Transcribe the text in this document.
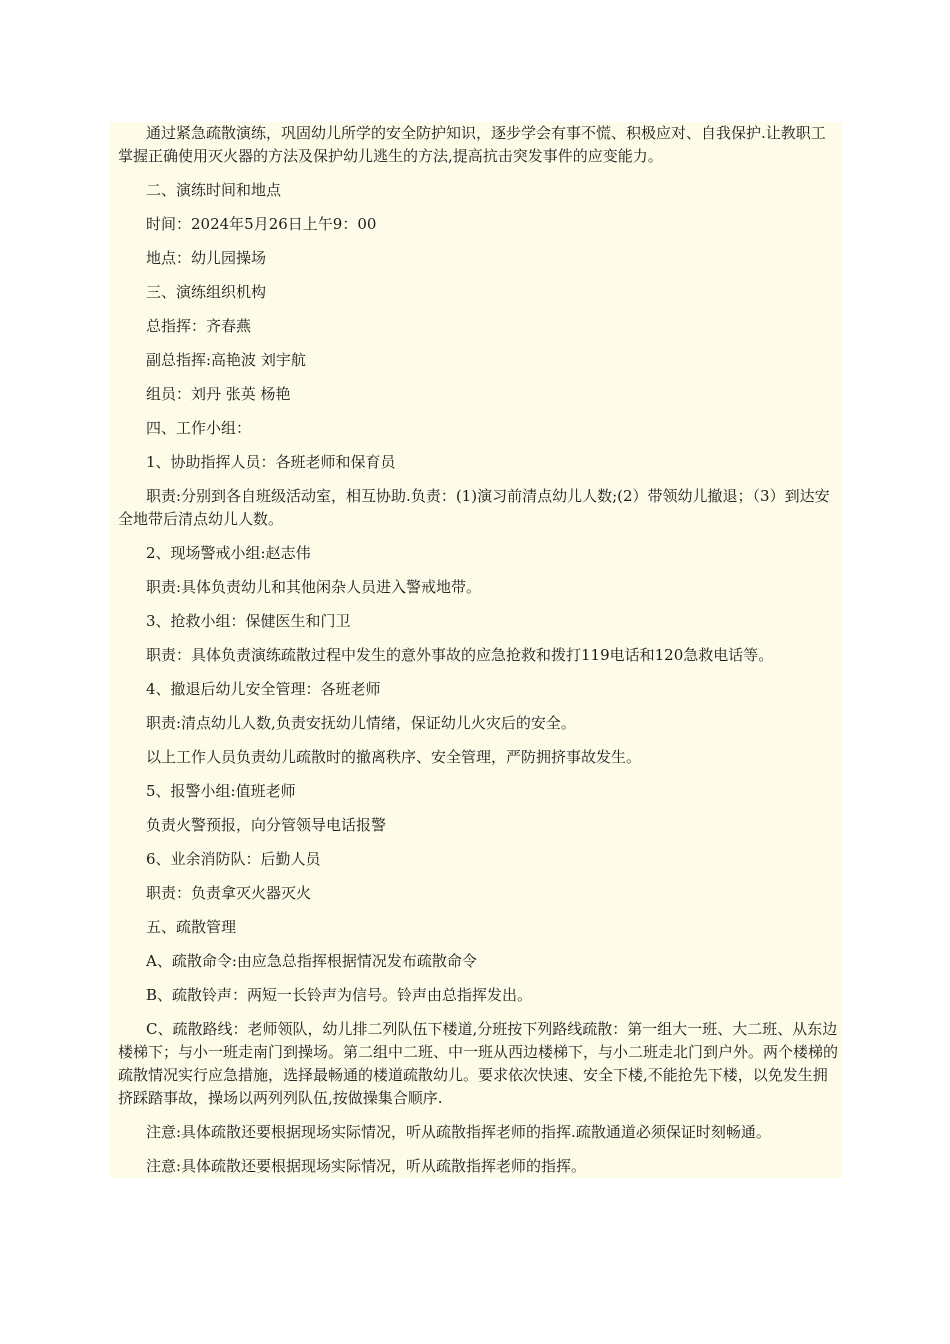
通过紧急疏散演练，巩固幼儿所学的安全防护知识，逐步学会有事不慌、积极应对、自我保护.让教职工掌握正确使用灭火器的方法及保护幼儿逃生的方法,提高抗击突发事件的应变能力。

二、演练时间和地点

时间：2024年5月26日上午9：00

地点：幼儿园操场

三、演练组织机构

总指挥：齐春燕

副总指挥:高艳波 刘宇航

组员：刘丹 张英 杨艳

四、工作小组：

1、协助指挥人员：各班老师和保育员

职责:分别到各自班级活动室，相互协助.负责：(1)演习前清点幼儿人数;(2）带领幼儿撤退；（3）到达安全地带后清点幼儿人数。

2、现场警戒小组:赵志伟

职责:具体负责幼儿和其他闲杂人员进入警戒地带。

3、抢救小组：保健医生和门卫

职责：具体负责演练疏散过程中发生的意外事故的应急抢救和拨打119电话和120急救电话等。

4、撤退后幼儿安全管理：各班老师

职责:清点幼儿人数,负责安抚幼儿情绪，保证幼儿火灾后的安全。

以上工作人员负责幼儿疏散时的撤离秩序、安全管理，严防拥挤事故发生。

5、报警小组:值班老师

负责火警预报，向分管领导电话报警

6、业余消防队：后勤人员

职责：负责拿灭火器灭火

五、疏散管理

A、疏散命令:由应急总指挥根据情况发布疏散命令

B、疏散铃声：两短一长铃声为信号。铃声由总指挥发出。

C、疏散路线：老师领队，幼儿排二列队伍下楼道,分班按下列路线疏散：第一组大一班、大二班、从东边楼梯下；与小一班走南门到操场。第二组中二班、中一班从西边楼梯下，与小二班走北门到户外。两个楼梯的疏散情况实行应急措施，选择最畅通的楼道疏散幼儿。要求依次快速、安全下楼,不能抢先下楼，以免发生拥挤踩踏事故，操场以两列列队伍,按做操集合顺序.

注意:具体疏散还要根据现场实际情况，听从疏散指挥老师的指挥.疏散通道必须保证时刻畅通。

注意:具体疏散还要根据现场实际情况，听从疏散指挥老师的指挥。
